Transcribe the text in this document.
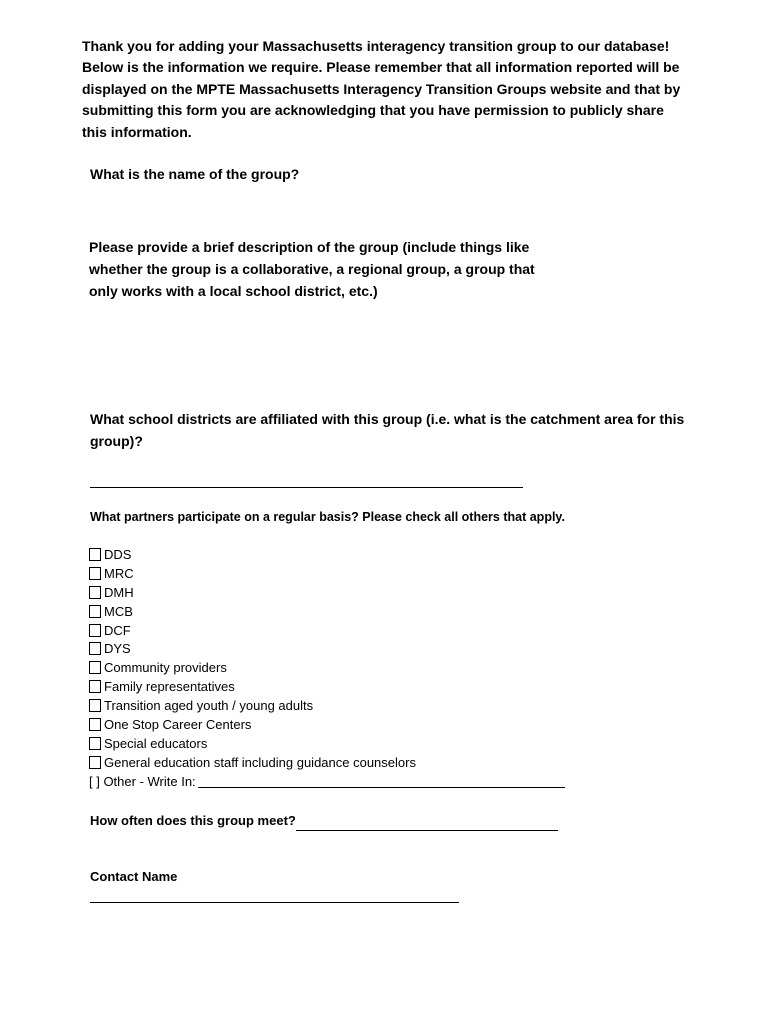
Thank you for adding your Massachusetts interagency transition group to our database! Below is the information we require. Please remember that all information reported will be displayed on the MPTE Massachusetts Interagency Transition Groups website and that by submitting this form you are acknowledging that you have permission to publicly share this information.
What is the name of the group?
Please provide a brief description of the group (include things like whether the group is a collaborative, a regional group, a group that only works with a local school district, etc.)
What school districts are affiliated with this group (i.e. what is the catchment area for this group)?
What partners participate on a regular basis? Please check all others that apply.
DDS
MRC
DMH
MCB
DCF
DYS
Community providers
Family representatives
Transition aged youth / young adults
One Stop Career Centers
Special educators
General education staff including guidance counselors
[ ] Other - Write In:
How often does this group meet?
Contact Name
